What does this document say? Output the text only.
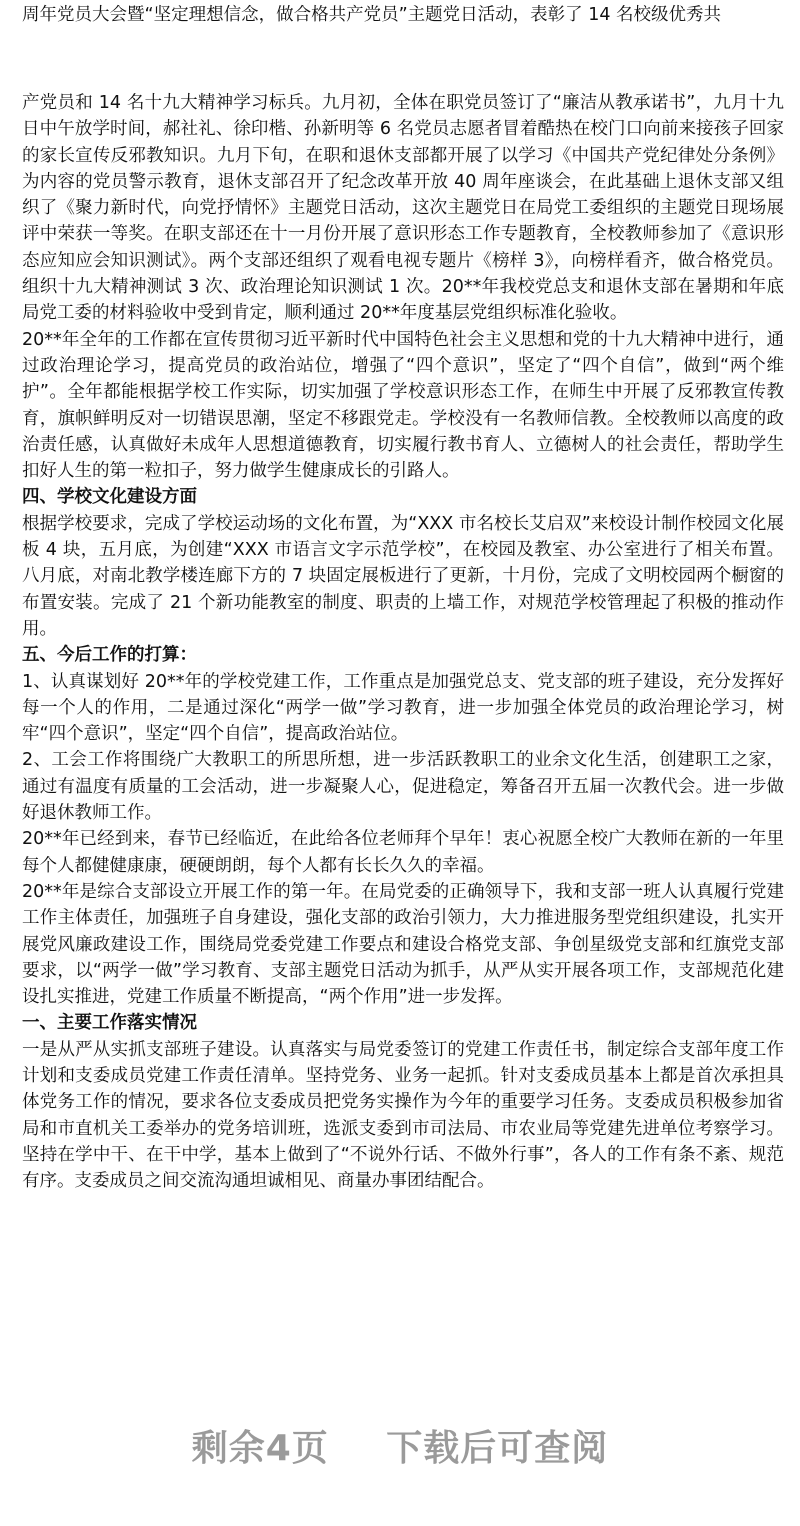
周年党员大会暨“坚定理想信念，做合格共产党员”主题党日活动，表彰了 14 名校级优秀共

产党员和 14 名十九大精神学习标兵。九月初，全体在职党员签订了“廉洁从教承诺书”，九月十九日中午放学时间，郝社礼、徐印楷、孙新明等 6 名党员志愿者冒着酷热在校门口向前来接孩子回家的家长宣传反邪教知识。九月下旬，在职和退休支部都开展了以学习《中国共产党纪律处分条例》为内容的党员警示教育，退休支部召开了纪念改革开放 40 周年座谈会，在此基础上退休支部又组织了《聚力新时代，向党抒情怀》主题党日活动，这次主题党日在局党工委组织的主题党日现场展评中荣获一等奖。在职支部还在十一月份开展了意识形态工作专题教育，全校教师参加了《意识形态应知应会知识测试》。两个支部还组织了观看电视专题片《榜样 3》，向榜样看齐，做合格党员。组织十九大精神测试 3 次、政治理论知识测试 1 次。20**年我校党总支和退休支部在暑期和年底局党工委的材料验收中受到肯定，顺利通过 20**年度基层党组织标准化验收。

20**年全年的工作都在宣传贯彻习近平新时代中国特色社会主义思想和党的十九大精神中进行，通过政治理论学习，提高党员的政治站位，增强了“四个意识”，坚定了“四个自信”，做到“两个维护”。全年都能根据学校工作实际，切实加强了学校意识形态工作，在师生中开展了反邪教宣传教育，旗帜鲜明反对一切错误思潮，坚定不移跟党走。学校没有一名教师信教。全校教师以高度的政治责任感，认真做好未成年人思想道德教育，切实履行教书育人、立德树人的社会责任，帮助学生扣好人生的第一粒扣子，努力做学生健康成长的引路人。

四、学校文化建设方面

根据学校要求，完成了学校运动场的文化布置，为“XXX 市名校长艾启双”来校设计制作校园文化展板 4 块，五月底，为创建“XXX 市语言文字示范学校”，在校园及教室、办公室进行了相关布置。八月底，对南北教学楼连廊下方的 7 块固定展板进行了更新，十月份，完成了文明校园两个橱窗的布置安装。完成了 21 个新功能教室的制度、职责的上墙工作，对规范学校管理起了积极的推动作用。

五、今后工作的打算：

1、认真谋划好 20**年的学校党建工作，工作重点是加强党总支、党支部的班子建设，充分发挥好每一个人的作用，二是通过深化“两学一做”学习教育，进一步加强全体党员的政治理论学习，树牢“四个意识”，坚定“四个自信”，提高政治站位。

2、工会工作将围绕广大教职工的所思所想，进一步活跃教职工的业余文化生活，创建职工之家，通过有温度有质量的工会活动，进一步凝聚人心，促进稳定，筹备召开五届一次教代会。进一步做好退休教师工作。

20**年已经到来，春节已经临近，在此给各位老师拜个早年！衷心祝愿全校广大教师在新的一年里每个人都健健康康，硬硬朗朗，每个人都有长长久久的幸福。

20**年是综合支部设立开展工作的第一年。在局党委的正确领导下，我和支部一班人认真履行党建工作主体责任，加强班子自身建设，强化支部的政治引领力，大力推进服务型党组织建设，扎实开展党风廉政建设工作，围绕局党委党建工作要点和建设合格党支部、争创星级党支部和红旗党支部要求，以“两学一做”学习教育、支部主题党日活动为抓手，从严从实开展各项工作，支部规范化建设扎实推进，党建工作质量不断提高，“两个作用”进一步发挥。

一、主要工作落实情况

一是从严从实抓支部班子建设。认真落实与局党委签订的党建工作责任书，制定综合支部年度工作计划和支委成员党建工作责任清单。坚持党务、业务一起抓。针对支委成员基本上都是首次承担具体党务工作的情况，要求各位支委成员把党务实操作为今年的重要学习任务。支委成员积极参加省局和市直机关工委举办的党务培训班，选派支委到市司法局、市农业局等党建先进单位考察学习。坚持在学中干、在干中学，基本上做到了“不说外行话、不做外行事”，各人的工作有条不紊、规范有序。支委成员之间交流沟通坦诚相见、商量办事团结配合。

剩余4页 下载后可查阅
